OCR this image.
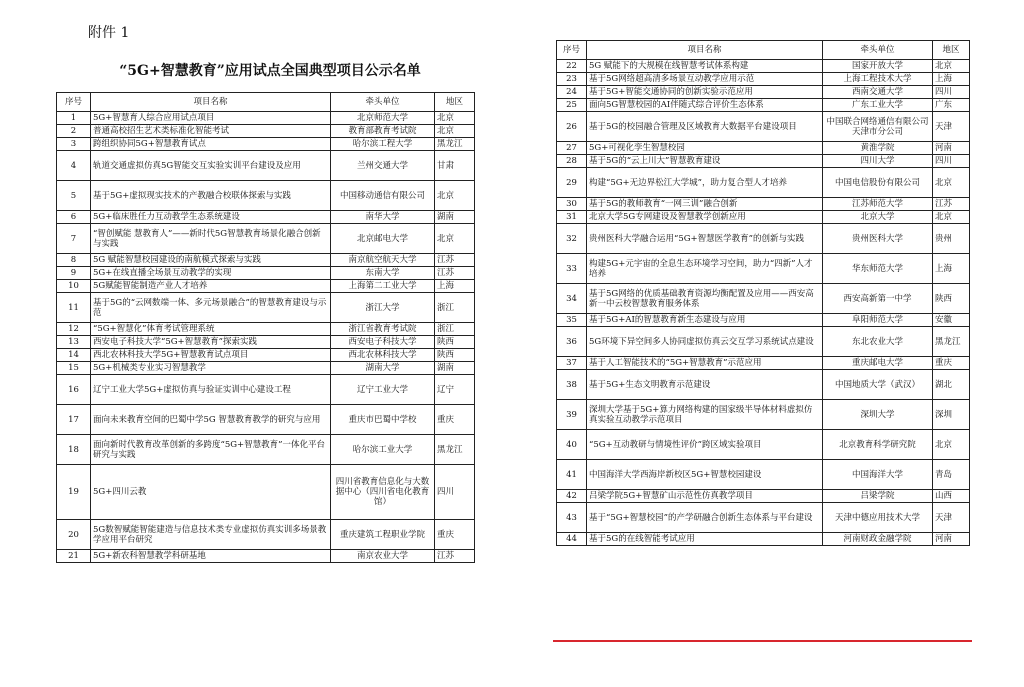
附件 1
“5G+智慧教育”应用试点全国典型项目公示名单
序号	项目名称	牵头单位	地区
1	5G+智慧育人综合应用试点项目	北京师范大学	北京
2	普通高校招生艺术类标准化智能考试	教育部教育考试院	北京
3	跨组织协同5G+智慧教育试点	哈尔滨工程大学	黑龙江
4	轨道交通虚拟仿真5G智能交互实验实训平台建设及应用	兰州交通大学	甘肃
5	基于5G+虚拟现实技术的产教融合校联体探索与实践	中国移动通信有限公司	北京
6	5G+临床胜任力互动教学生态系统建设	南华大学	湖南
7	“智创赋能 慧教育人”——新时代5G智慧教育场景化融合创新与实践	北京邮电大学	北京
8	5G 赋能智慧校园建设的南航模式探索与实践	南京航空航天大学	江苏
9	5G+在线直播全场景互动教学的实现	东南大学	江苏
10	5G赋能智能制造产业人才培养	上海第二工业大学	上海
11	基于5G的“云网数端一体、多元场景融合”的智慧教育建设与示范	浙江大学	浙江
12	“5G+智慧化”体育考试管理系统	浙江省教育考试院	浙江
13	西安电子科技大学“5G+智慧教育”探索实践	西安电子科技大学	陕西
14	西北农林科技大学5G+智慧教育试点项目	西北农林科技大学	陕西
15	5G+机械类专业实习智慧教学	湖南大学	湖南
16	辽宁工业大学5G+虚拟仿真与验证实训中心建设工程	辽宁工业大学	辽宁
17	面向未来教育空间的巴蜀中学5G 智慧教育教学的研究与应用	重庆市巴蜀中学校	重庆
18	面向新时代教育改革创新的多跨度“5G+智慧教育”一体化平台研究与实践	哈尔滨工业大学	黑龙江
19	5G+四川云教	四川省教育信息化与大数据中心（四川省电化教育馆）	四川
20	5G数智赋能智能建造与信息技术类专业虚拟仿真实训多场景教学应用平台研究	重庆建筑工程职业学院	重庆
21	5G+新农科智慧教学科研基地	南京农业大学	江苏
序号	项目名称	牵头单位	地区
22	5G 赋能下的大规模在线智慧考试体系构建	国家开放大学	北京
23	基于5G网络超高清多场景互动教学应用示范	上海工程技术大学	上海
24	基于5G+智能交通协同的创新实验示范应用	西南交通大学	四川
25	面向5G智慧校园的AI伴随式综合评价生态体系	广东工业大学	广东
26	基于5G的校园融合管理及区域教育大数据平台建设项目	中国联合网络通信有限公司天津市分公司	天津
27	5G+可视化孪生智慧校园	黄淮学院	河南
28	基于5G的“云上川大”智慧教育建设	四川大学	四川
29	构建“5G+无边界松江大学城”，助力复合型人才培养	中国电信股份有限公司	北京
30	基于5G的教师教育“一网三训”融合创新	江苏师范大学	江苏
31	北京大学5G专网建设及智慧教学创新应用	北京大学	北京
32	贵州医科大学融合运用“5G+智慧医学教育”的创新与实践	贵州医科大学	贵州
33	构建5G+元宇宙的全息生态环境学习空间，助力“四新”人才培养	华东师范大学	上海
34	基于5G网络的优质基础教育资源均衡配置及应用——西安高新一中云校智慧教育服务体系	西安高新第一中学	陕西
35	基于5G+AI的智慧教育新生态建设与应用	阜阳师范大学	安徽
36	5G环境下异空间多人协同虚拟仿真云交互学习系统试点建设	东北农业大学	黑龙江
37	基于人工智能技术的“5G+智慧教育”示范应用	重庆邮电大学	重庆
38	基于5G+生态文明教育示范建设	中国地质大学（武汉）	湖北
39	深圳大学基于5G+算力网络构建的国家级半导体材料虚拟仿真实验互动教学示范项目	深圳大学	深圳
40	“5G+互动教研与情境性评价”跨区域实验项目	北京教育科学研究院	北京
41	中国海洋大学西海岸新校区5G+智慧校园建设	中国海洋大学	青岛
42	吕梁学院5G+智慧矿山示范性仿真教学项目	吕梁学院	山西
43	基于“5G+智慧校园”的产学研融合创新生态体系与平台建设	天津中德应用技术大学	天津
44	基于5G的在线智能考试应用	河南财政金融学院	河南
